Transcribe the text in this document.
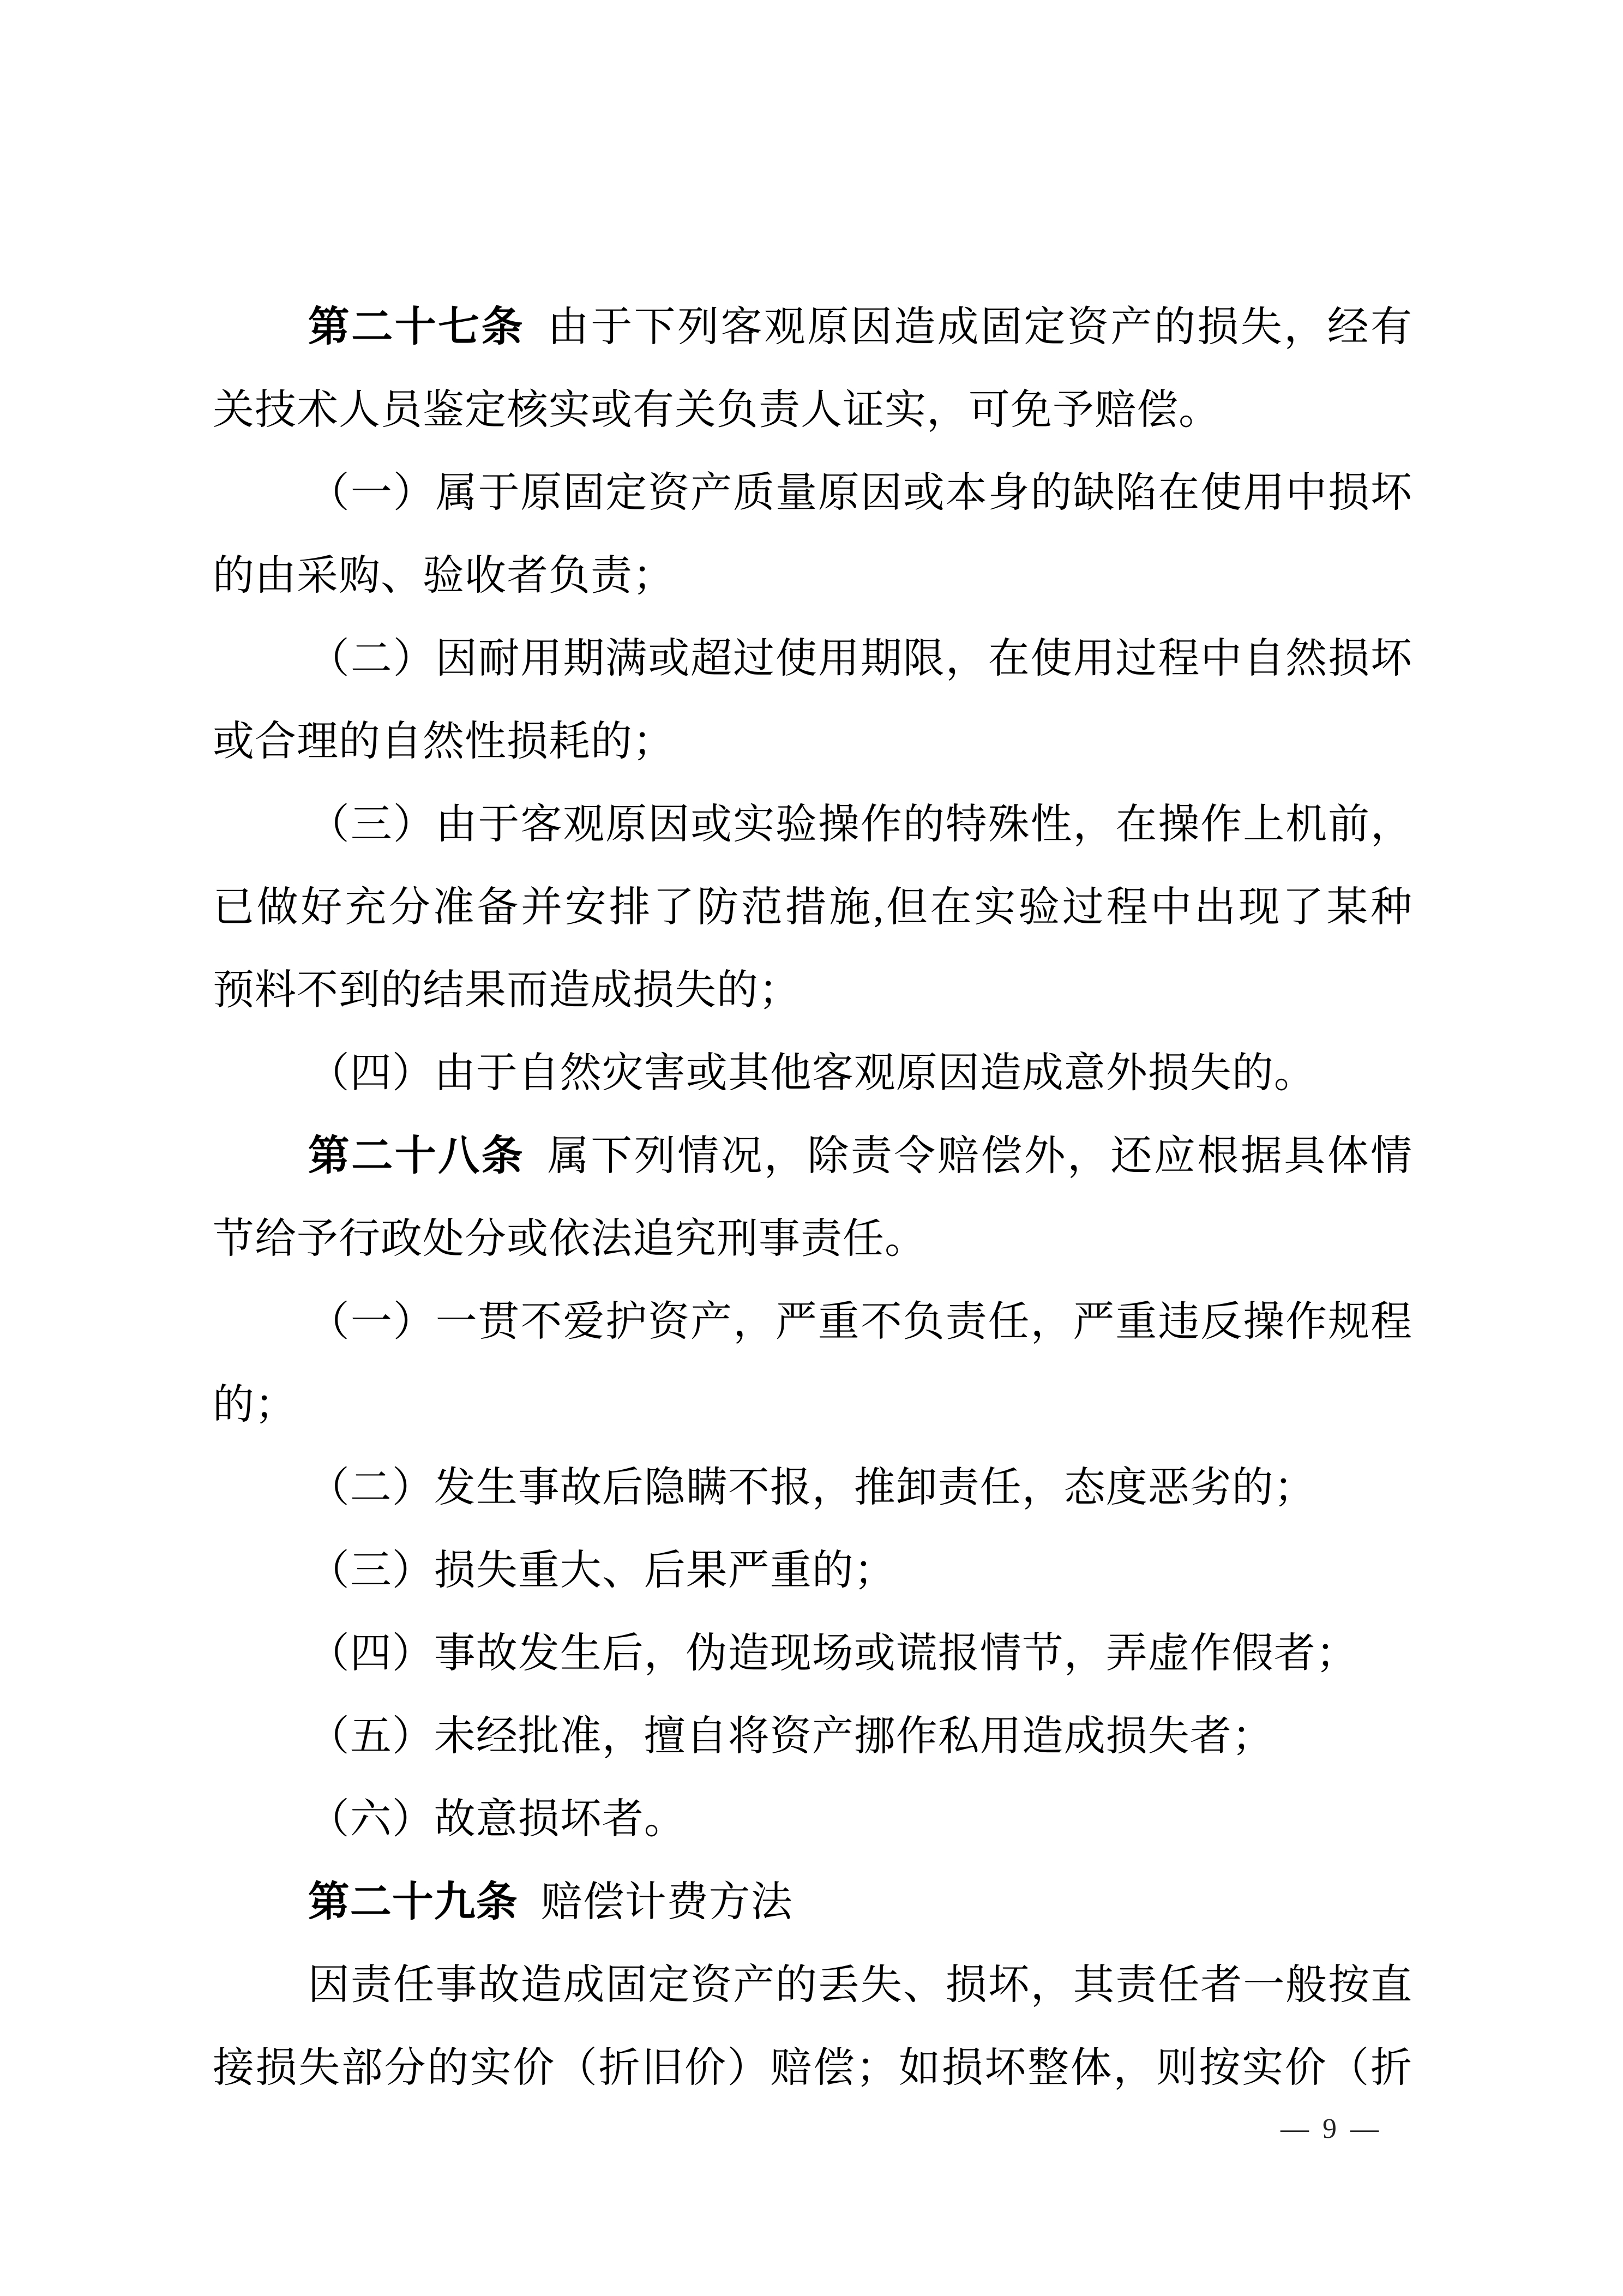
第二十七条 由于下列客观原因造成固定资产的损失，经有
关技术人员鉴定核实或有关负责人证实，可免予赔偿。
（一）属于原固定资产质量原因或本身的缺陷在使用中损坏
的由采购、验收者负责；
（二）因耐用期满或超过使用期限，在使用过程中自然损坏
或合理的自然性损耗的；
（三）由于客观原因或实验操作的特殊性，在操作上机前，
已做好充分准备并安排了防范措施,但在实验过程中出现了某种
预料不到的结果而造成损失的；
（四）由于自然灾害或其他客观原因造成意外损失的。
第二十八条 属下列情况，除责令赔偿外，还应根据具体情
节给予行政处分或依法追究刑事责任。
（一）一贯不爱护资产，严重不负责任，严重违反操作规程
的；
（二）发生事故后隐瞒不报，推卸责任，态度恶劣的；
（三）损失重大、后果严重的；
（四）事故发生后，伪造现场或谎报情节，弄虚作假者；
（五）未经批准，擅自将资产挪作私用造成损失者；
（六）故意损坏者。
第二十九条 赔偿计费方法
因责任事故造成固定资产的丢失、损坏，其责任者一般按直
接损失部分的实价（折旧价）赔偿；如损坏整体，则按实价（折
— 9 —
